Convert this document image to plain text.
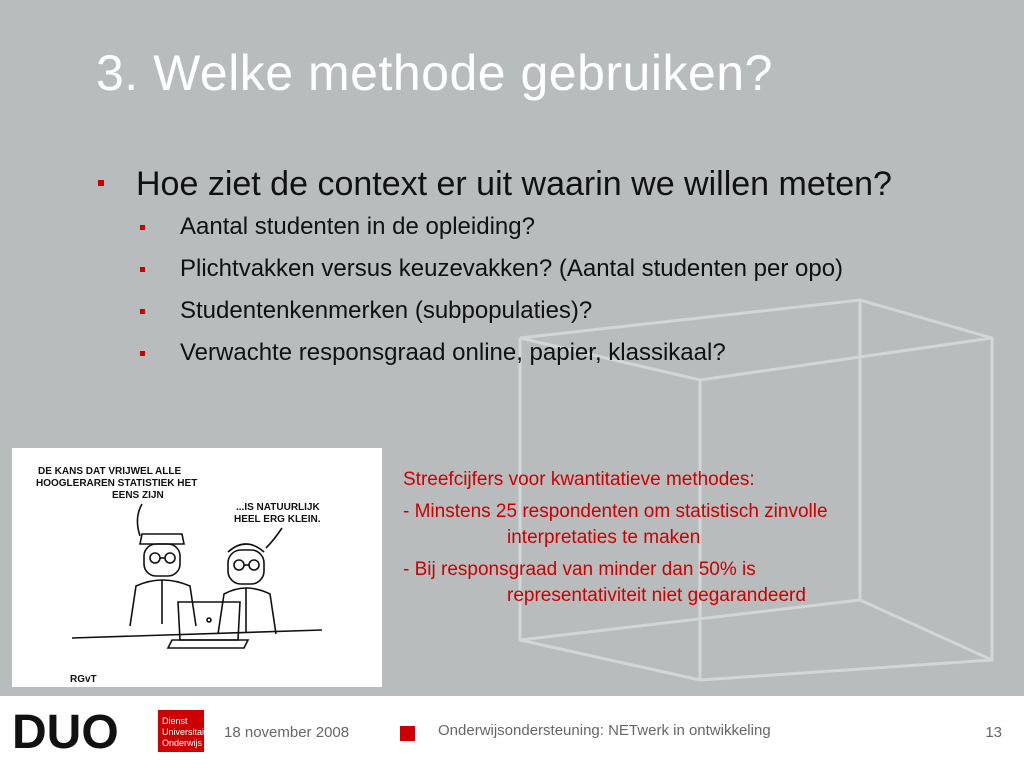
3. Welke methode gebruiken?
Hoe ziet de context er uit waarin we willen meten?
Aantal studenten in de opleiding?
Plichtvakken versus keuzevakken? (Aantal studenten per opo)
Studentenkenmerken (subpopulaties)?
Verwachte responsgraad online, papier, klassikaal?
DE KANS DAT VRIJWEL ALLE
HOOGLERAREN STATISTIEK HET
EENS ZIJN
...IS NATUURLIJK
HEEL ERG KLEIN.
RGvT

Streefcijfers voor kwantitatieve methodes:

- Minstens 25 respondenten om statistisch zinvolle
interpretaties te maken

- Bij responsgraad van minder dan 50% is
representativiteit niet gegarandeerd

DUO	Dienst
Universitair
Onderwijs
18 november 2008	Onderwijsondersteuning: NETwerk in ontwikkeling	13
